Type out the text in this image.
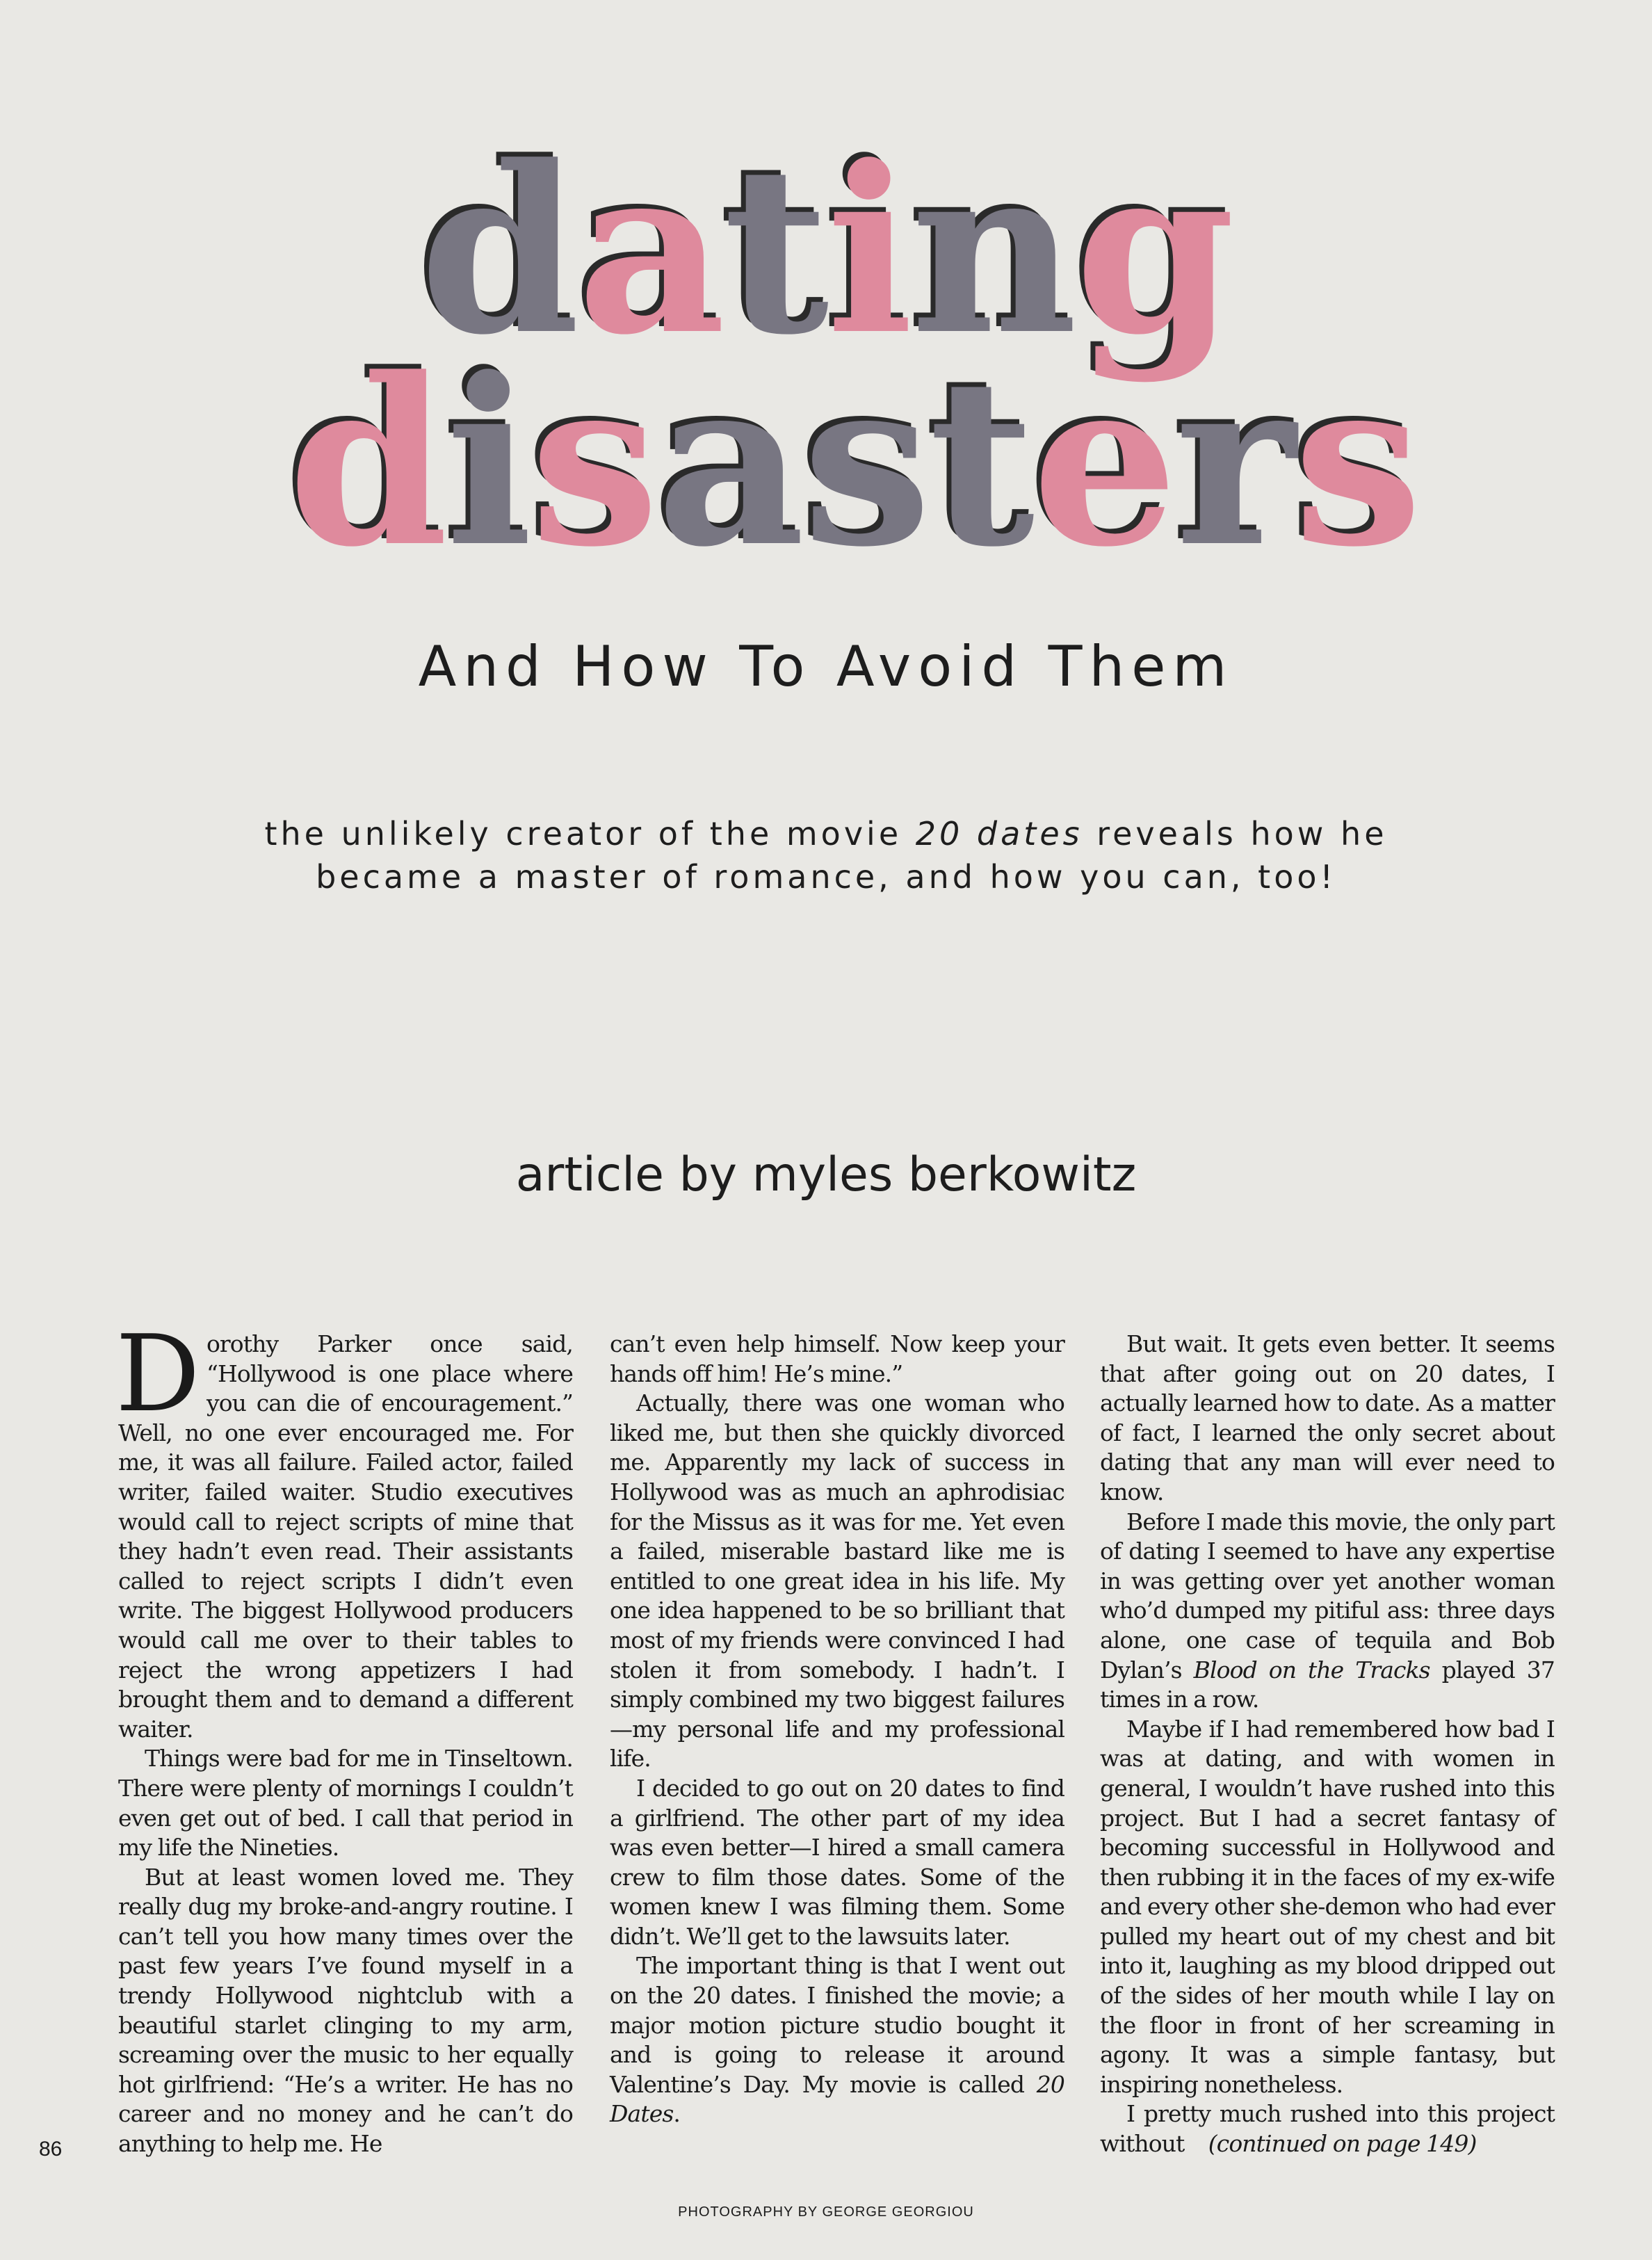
dating
disasters
And How To Avoid Them
the unlikely creator of the movie 20 dates reveals how he
became a master of romance, and how you can, too!
article by myles berkowitz

Dorothy Parker once said, “Hollywood is one place where you can die of encouragement.” Well, no one ever encouraged me. For me, it was all failure. Failed actor, failed writer, failed waiter. Studio executives would call to reject scripts of mine that they hadn’t even read. Their assistants called to reject scripts I didn’t even write. The biggest Hollywood producers would call me over to their tables to reject the wrong appetizers I had brought them and to demand a different waiter.

Things were bad for me in Tinseltown. There were plenty of mornings I couldn’t even get out of bed. I call that period in my life the Nineties.

But at least women loved me. They really dug my broke-and-angry routine. I can’t tell you how many times over the past few years I’ve found myself in a trendy Hollywood nightclub with a beautiful starlet clinging to my arm, screaming over the music to her equally hot girlfriend: “He’s a writer. He has no career and no money and he can’t do anything to help me. He

can’t even help himself. Now keep your hands off him! He’s mine.”

Actually, there was one woman who liked me, but then she quickly divorced me. Apparently my lack of success in Hollywood was as much an aphrodisiac for the Missus as it was for me. Yet even a failed, miserable bastard like me is entitled to one great idea in his life. My one idea happened to be so brilliant that most of my friends were convinced I had stolen it from somebody. I hadn’t. I simply combined my two biggest failures—my personal life and my professional life.

I decided to go out on 20 dates to find a girlfriend. The other part of my idea was even better—I hired a small camera crew to film those dates. Some of the women knew I was filming them. Some didn’t. We’ll get to the lawsuits later.

The important thing is that I went out on the 20 dates. I finished the movie; a major motion picture studio bought it and is going to release it around Valentine’s Day. My movie is called 20 Dates.

But wait. It gets even better. It seems that after going out on 20 dates, I actually learned how to date. As a matter of fact, I learned the only secret about dating that any man will ever need to know.

Before I made this movie, the only part of dating I seemed to have any expertise in was getting over yet another woman who’d dumped my pitiful ass: three days alone, one case of tequila and Bob Dylan’s Blood on the Tracks played 37 times in a row.

Maybe if I had remembered how bad I was at dating, and with women in general, I wouldn’t have rushed into this project. But I had a secret fantasy of becoming successful in Hollywood and then rubbing it in the faces of my ex-wife and every other she-demon who had ever pulled my heart out of my chest and bit into it, laughing as my blood dripped out of the sides of her mouth while I lay on the floor in front of her screaming in agony. It was a simple fantasy, but inspiring nonetheless.

I pretty much rushed into this project without (continued on page 149)

86
PHOTOGRAPHY BY GEORGE GEORGIOU
